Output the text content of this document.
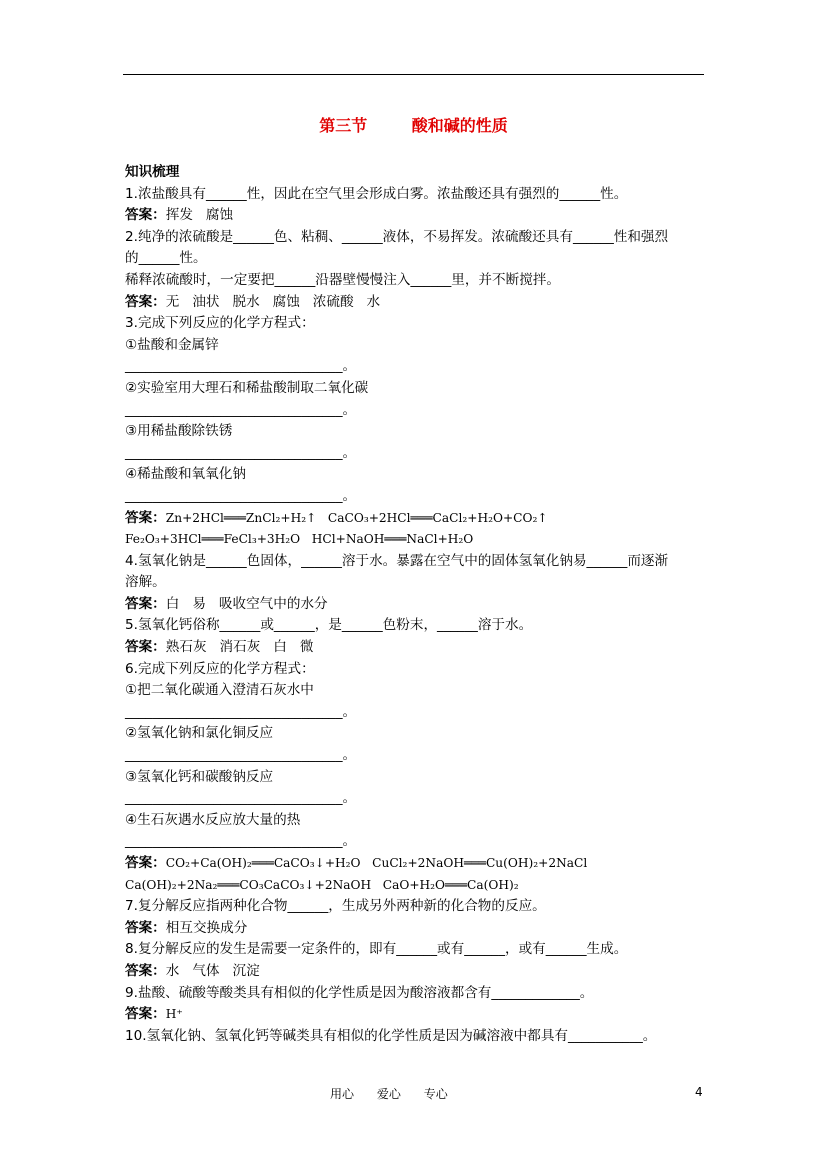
第三节        酸和碱的性质
知识梳理
1.浓盐酸具有______性，因此在空气里会形成白雾。浓盐酸还具有强烈的______性。
答案：挥发   腐蚀
2.纯净的浓硫酸是______色、粘稠、______液体，不易挥发。浓硫酸还具有______性和强烈
的______性。
稀释浓硫酸时，一定要把______沿器壁慢慢注入______里，并不断搅拌。
答案：无   油状   脱水   腐蚀   浓硫酸   水
3.完成下列反应的化学方程式：
①盐酸和金属锌
________________________________。
②实验室用大理石和稀盐酸制取二氧化碳
________________________________。
③用稀盐酸除铁锈
________________________________。
④稀盐酸和氧氧化钠
________________________________。
答案：Zn+2HCl═══ZnCl₂+H₂↑   CaCO₃+2HCl═══CaCl₂+H₂O+CO₂↑
Fe₂O₃+3HCl═══FeCl₃+3H₂O   HCl+NaOH═══NaCl+H₂O
4.氢氧化钠是______色固体，______溶于水。暴露在空气中的固体氢氧化钠易______而逐渐
溶解。
答案：白   易   吸收空气中的水分
5.氢氧化钙俗称______或______，是______色粉末，______溶于水。
答案：熟石灰   消石灰   白   微
6.完成下列反应的化学方程式：
①把二氧化碳通入澄清石灰水中
________________________________。
②氢氧化钠和氯化铜反应
________________________________。
③氢氧化钙和碳酸钠反应
________________________________。
④生石灰遇水反应放大量的热
________________________________。
答案：CO₂+Ca(OH)₂═══CaCO₃↓+H₂O   CuCl₂+2NaOH═══Cu(OH)₂+2NaCl
Ca(OH)₂+2Na₂═══CO₃CaCO₃↓+2NaOH   CaO+H₂O═══Ca(OH)₂
7.复分解反应指两种化合物______，生成另外两种新的化合物的反应。
答案：相互交换成分
8.复分解反应的发生是需要一定条件的，即有______或有______，或有______生成。
答案：水   气体   沉淀
9.盐酸、硫酸等酸类具有相似的化学性质是因为酸溶液都含有_____________。
答案：H⁺
10.氢氧化钠、氢氧化钙等碱类具有相似的化学性质是因为碱溶液中都具有___________。
用心      爱心      专心	4
